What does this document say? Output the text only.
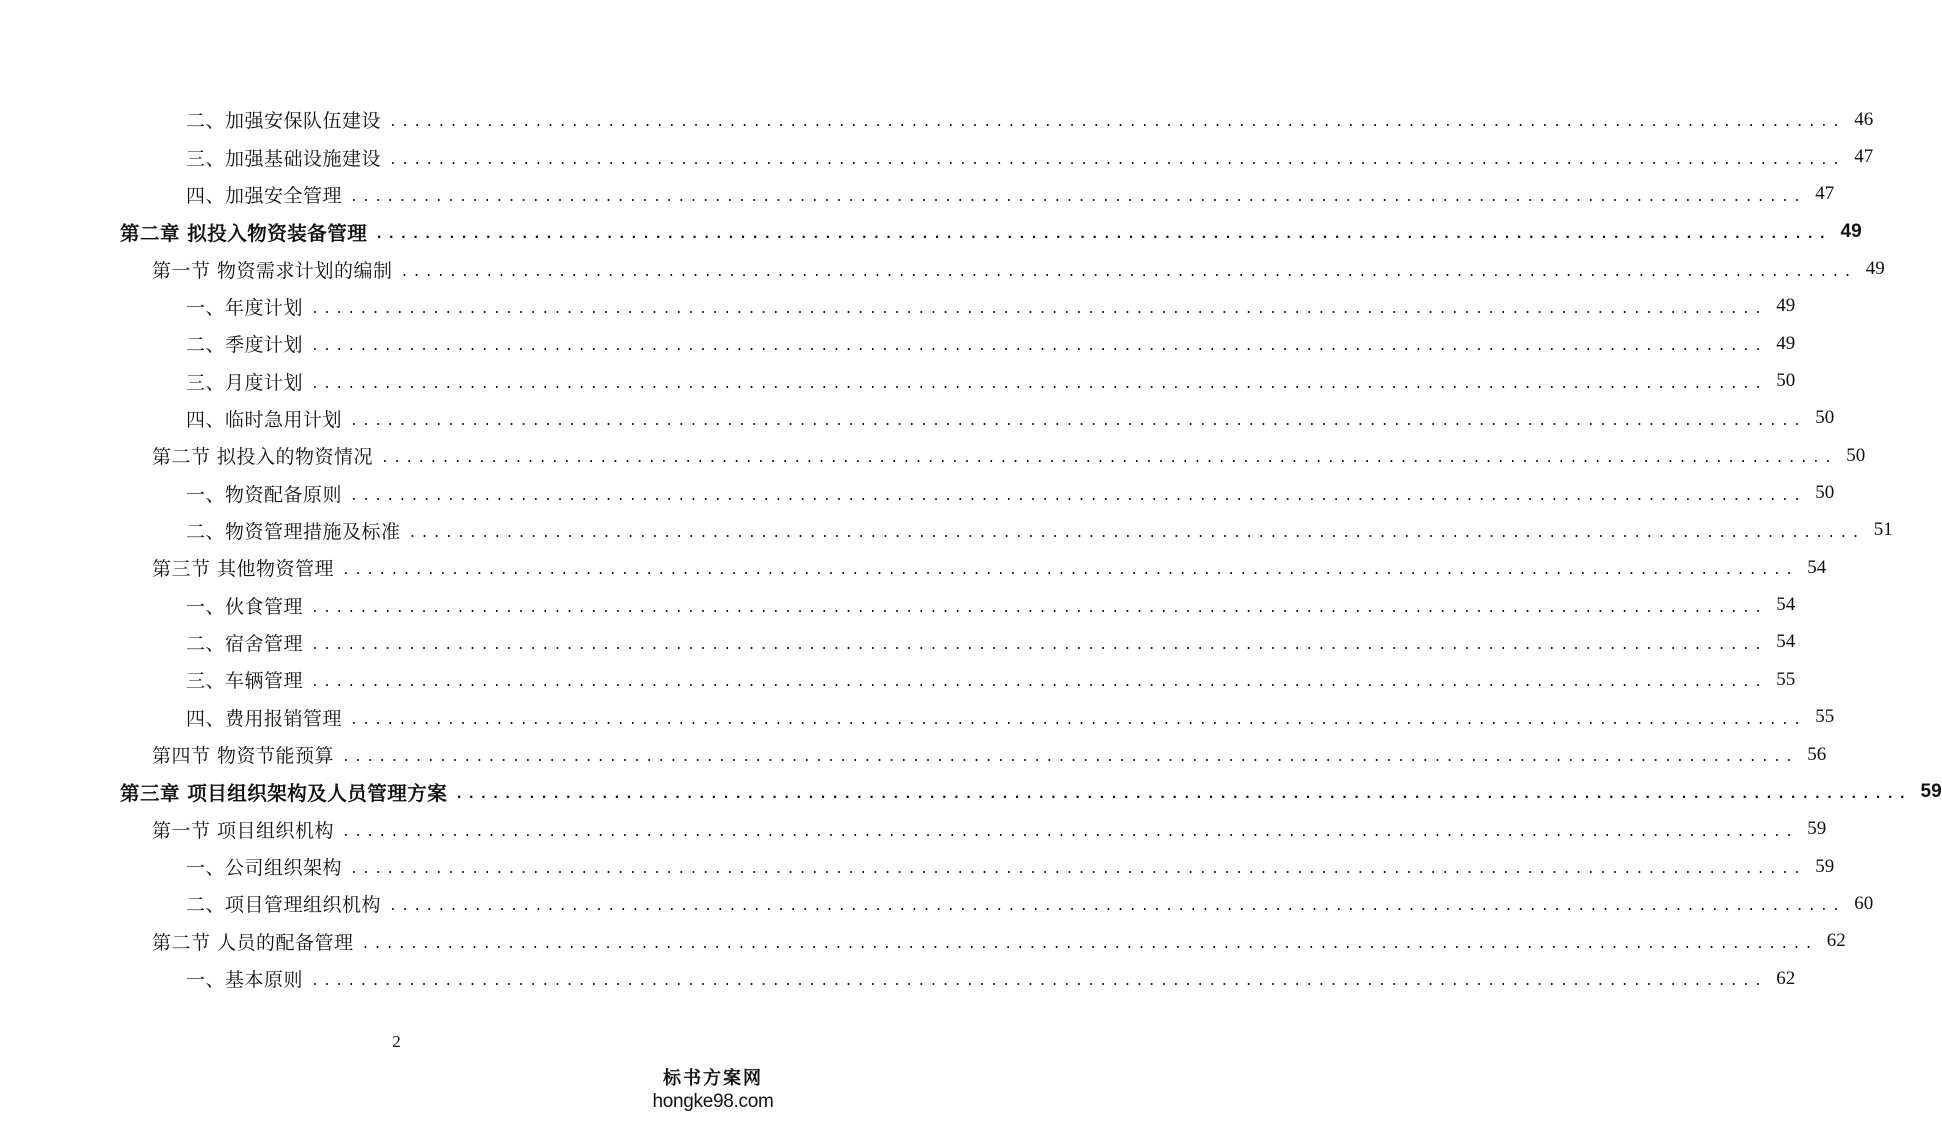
二、加强安保队伍建设 ........................................................................................................................ 46
三、加强基础设施建设 ........................................................................................................................ 47
四、加强安全管理 ........................................................................................................................ 47
第二章 拟投入物资装备管理 ........................................................................................................................ 49
第一节 物资需求计划的编制 ........................................................................................................................ 49
一、年度计划 ........................................................................................................................ 49
二、季度计划 ........................................................................................................................ 49
三、月度计划 ........................................................................................................................ 50
四、临时急用计划 ........................................................................................................................ 50
第二节 拟投入的物资情况 ........................................................................................................................ 50
一、物资配备原则 ........................................................................................................................ 50
二、物资管理措施及标准 ........................................................................................................................ 51
第三节 其他物资管理 ........................................................................................................................ 54
一、伙食管理 ........................................................................................................................ 54
二、宿舍管理 ........................................................................................................................ 54
三、车辆管理 ........................................................................................................................ 55
四、费用报销管理 ........................................................................................................................ 55
第四节 物资节能预算 ........................................................................................................................ 56
第三章 项目组织架构及人员管理方案 ........................................................................................................................ 59
第一节 项目组织机构 ........................................................................................................................ 59
一、公司组织架构 ........................................................................................................................ 59
二、项目管理组织机构 ........................................................................................................................ 60
第二节 人员的配备管理 ........................................................................................................................ 62
一、基本原则 ........................................................................................................................ 62
2
标书方案网
hongke98.com
